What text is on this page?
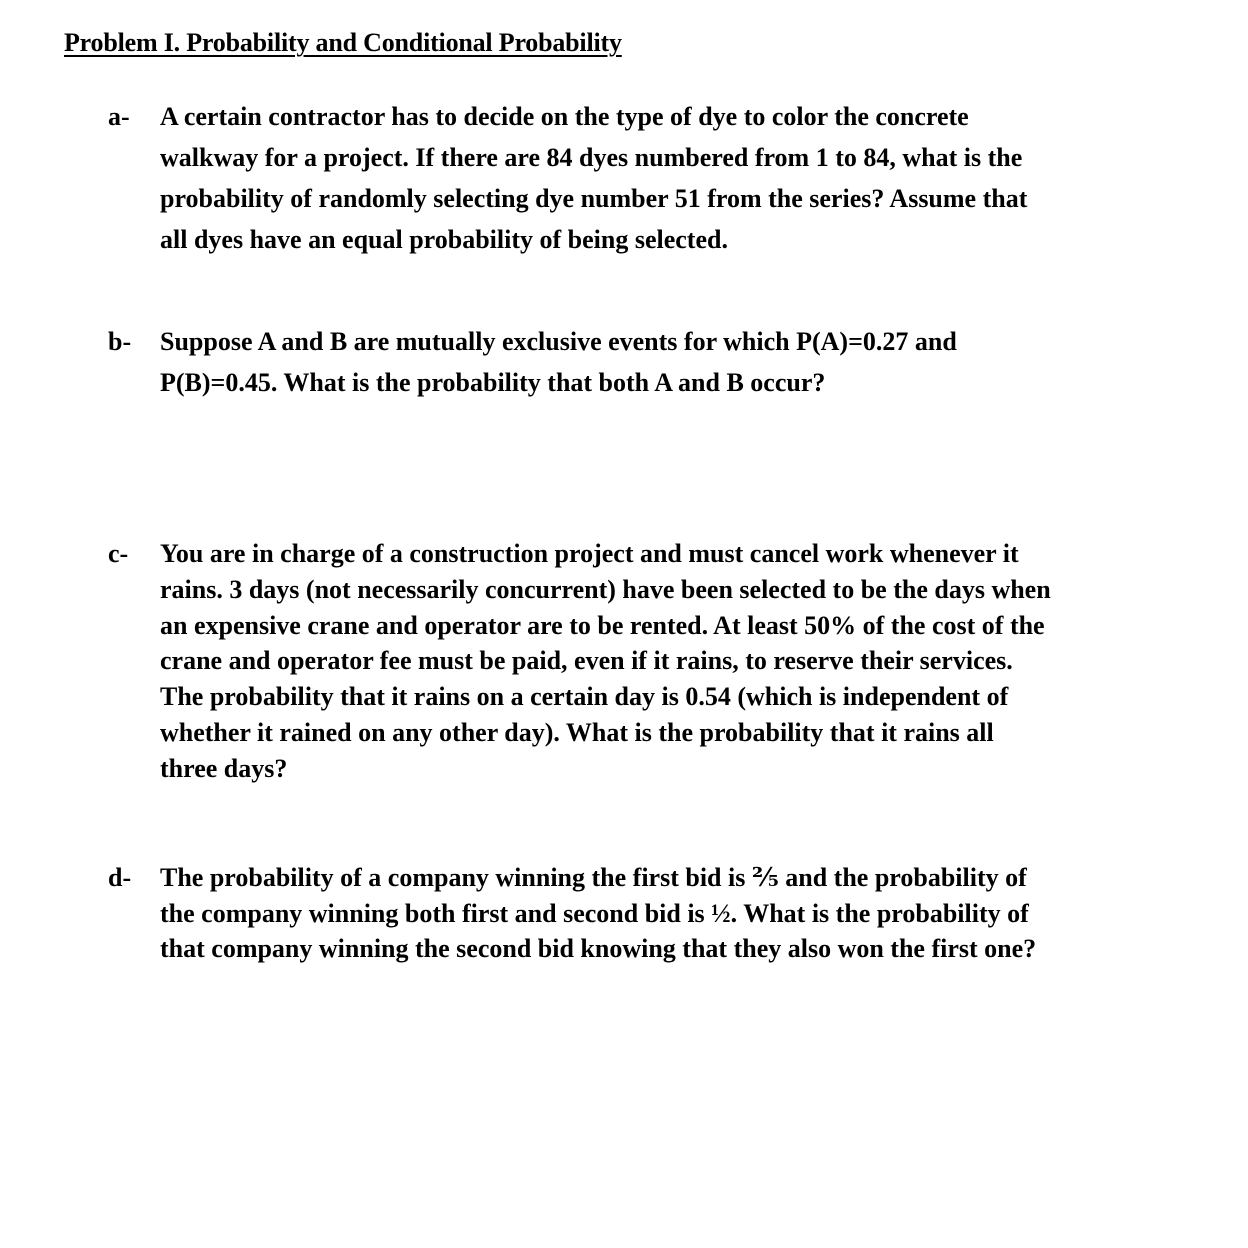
Problem I. Probability and Conditional Probability
a- A certain contractor has to decide on the type of dye to color the concrete
walkway for a project. If there are 84 dyes numbered from 1 to 84, what is the
probability of randomly selecting dye number 51 from the series? Assume that
all dyes have an equal probability of being selected.
b- Suppose A and B are mutually exclusive events for which P(A)=0.27 and
P(B)=0.45. What is the probability that both A and B occur?
c- You are in charge of a construction project and must cancel work whenever it
rains. 3 days (not necessarily concurrent) have been selected to be the days when
an expensive crane and operator are to be rented. At least 50% of the cost of the
crane and operator fee must be paid, even if it rains, to reserve their services.
The probability that it rains on a certain day is 0.54 (which is independent of
whether it rained on any other day). What is the probability that it rains all
three days?
d- The probability of a company winning the first bid is ⅖ and the probability of
the company winning both first and second bid is ½. What is the probability of
that company winning the second bid knowing that they also won the first one?
